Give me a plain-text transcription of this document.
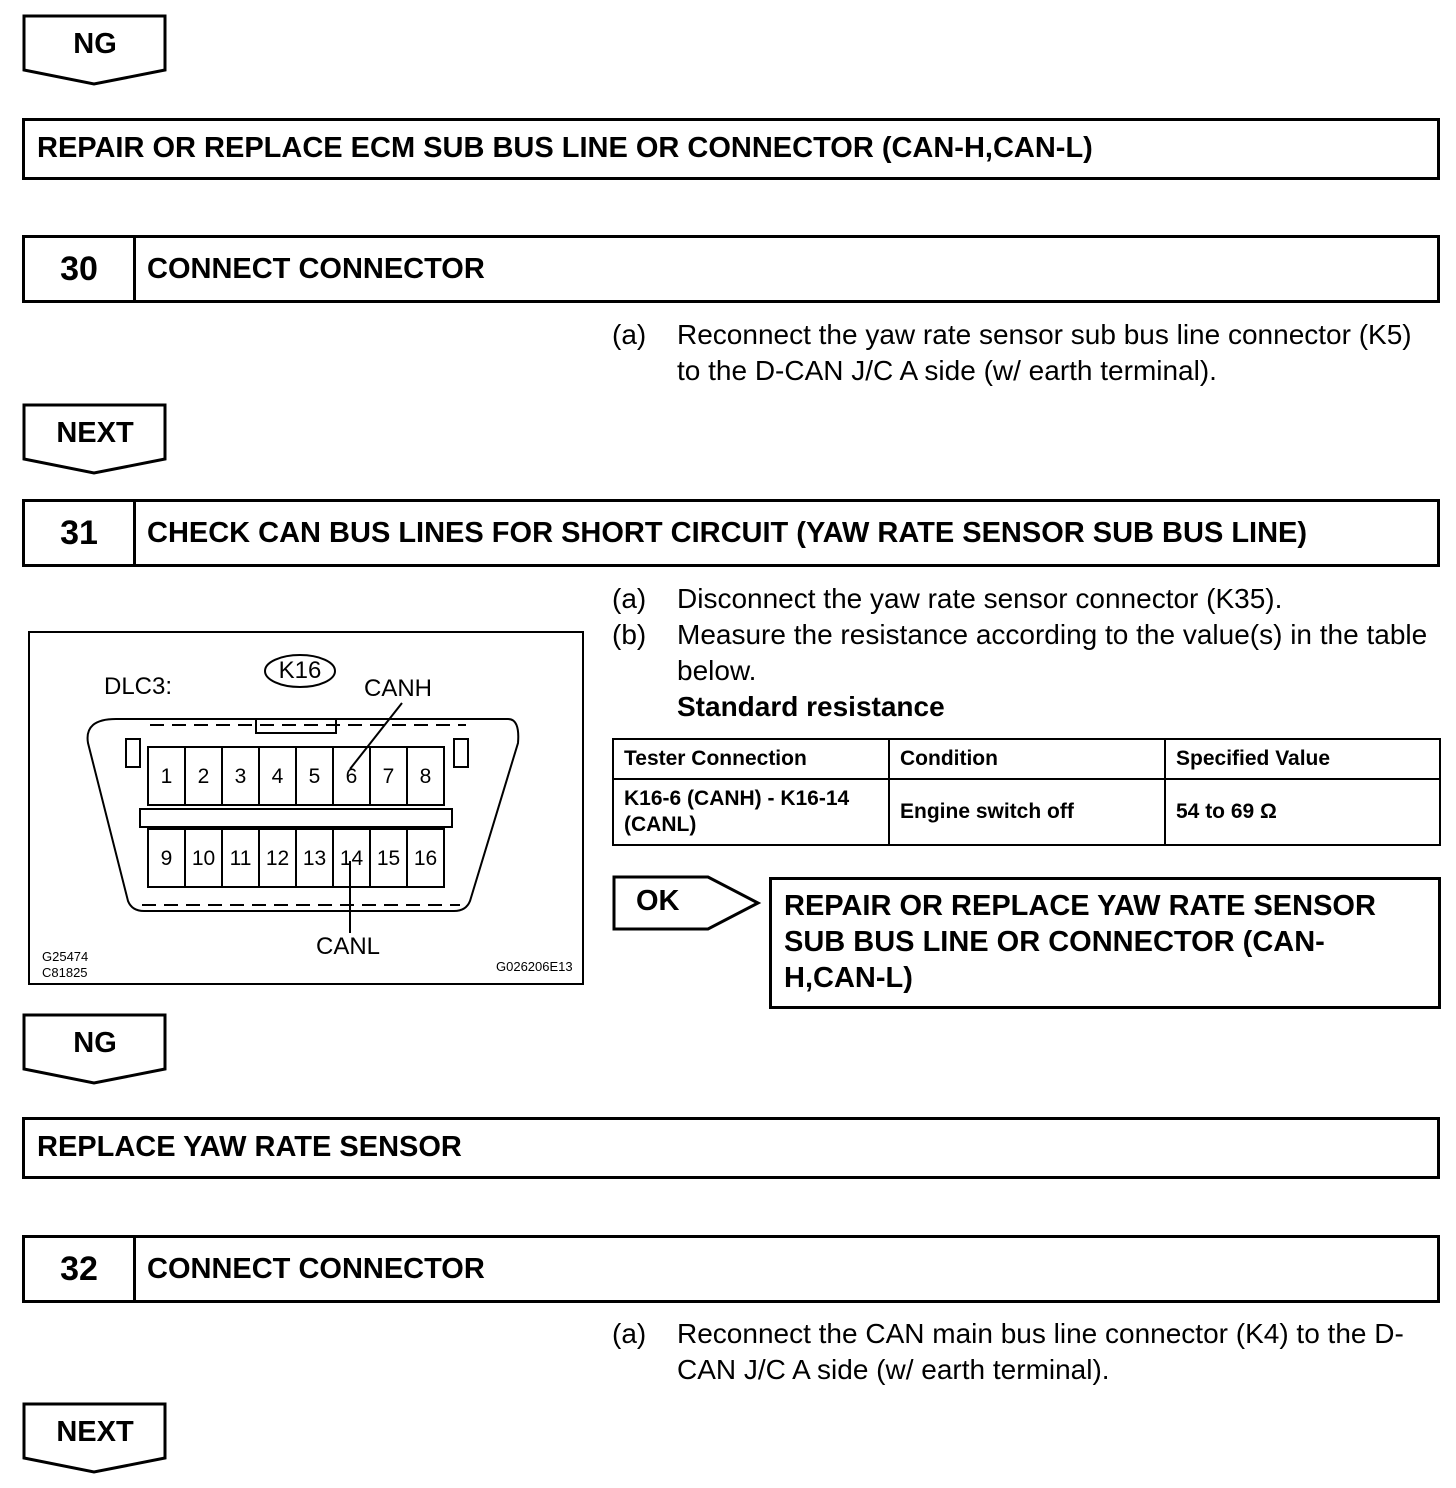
NG
REPAIR OR REPLACE ECM SUB BUS LINE OR CONNECTOR (CAN-H,CAN-L)
30	CONNECT CONNECTOR
(a) Reconnect the yaw rate sensor sub bus line connector (K5) to the D-CAN J/C A side (w/ earth terminal).
NEXT
31	CHECK CAN BUS LINES FOR SHORT CIRCUIT (YAW RATE SENSOR SUB BUS LINE)
(a) Disconnect the yaw rate sensor connector (K35).
(b) Measure the resistance according to the value(s) in the table below.
Standard resistance
Tester Connection	Condition	Specified Value
K16-6 (CANH) - K16-14 (CANL)	Engine switch off	54 to 69 Ω
OK	REPAIR OR REPLACE YAW RATE SENSOR SUB BUS LINE OR CONNECTOR (CAN-H,CAN-L)
DLC3:
K16
CANH
CANL
1	2	3	4	5	6	7	8
9 10 11 12 13 14 15 16
G25474
C81825	G026206E13
NG
REPLACE YAW RATE SENSOR
32	CONNECT CONNECTOR
(a) Reconnect the CAN main bus line connector (K4) to the D-CAN J/C A side (w/ earth terminal).
NEXT
